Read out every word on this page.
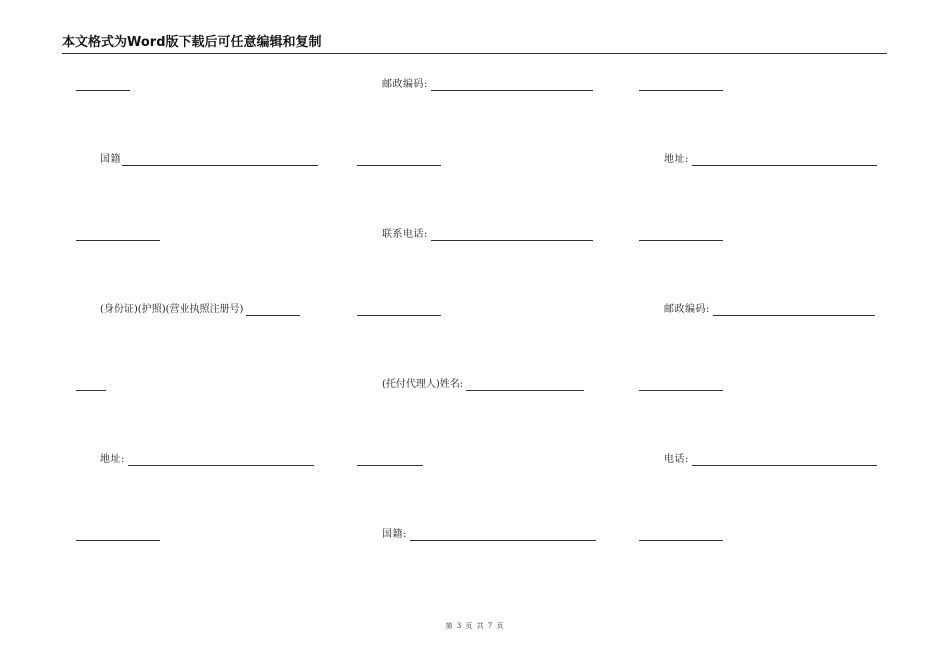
本文格式为Word版下载后可任意编辑和复制
邮政编码:
国籍	地址:
联系电话:
(身份证)(护照)(营业执照注册号)	邮政编码:
(托付代理人)姓名:
地址:	电话:
国籍:
第 3 页 共 7 页
